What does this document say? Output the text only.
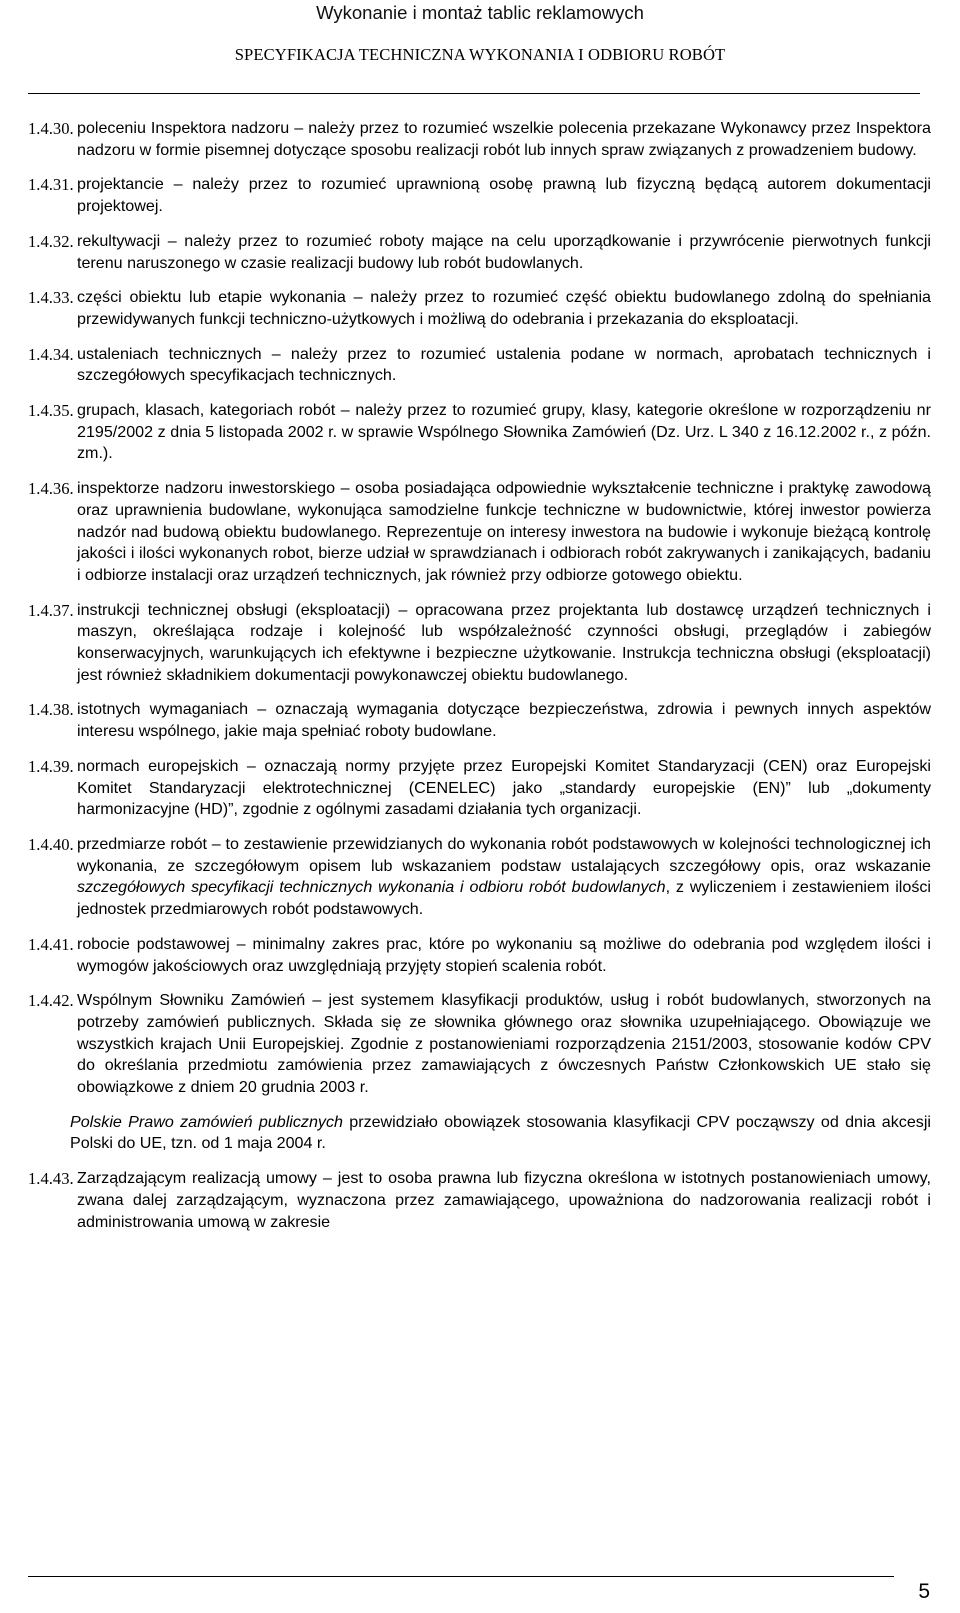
Wykonanie i montaż tablic reklamowych
SPECYFIKACJA TECHNICZNA WYKONANIA I ODBIORU ROBÓT
1.4.30. poleceniu Inspektora nadzoru – należy przez to rozumieć wszelkie polecenia przekazane Wykonawcy przez Inspektora nadzoru w formie pisemnej dotyczące sposobu realizacji robót lub innych spraw związanych z prowadzeniem budowy.
1.4.31. projektancie – należy przez to rozumieć uprawnioną osobę prawną lub fizyczną będącą autorem dokumentacji projektowej.
1.4.32. rekultywacji – należy przez to rozumieć roboty mające na celu uporządkowanie i przywrócenie pierwotnych funkcji terenu naruszonego w czasie realizacji budowy lub robót budowlanych.
1.4.33. części obiektu lub etapie wykonania – należy przez to rozumieć część obiektu budowlanego zdolną do spełniania przewidywanych funkcji techniczno-użytkowych i możliwą do odebrania i przekazania do eksploatacji.
1.4.34. ustaleniach technicznych – należy przez to rozumieć ustalenia podane w normach, aprobatach technicznych i szczegółowych specyfikacjach technicznych.
1.4.35. grupach, klasach, kategoriach robót – należy przez to rozumieć grupy, klasy, kategorie określone w rozporządzeniu nr 2195/2002 z dnia 5 listopada 2002 r. w sprawie Wspólnego Słownika Zamówień (Dz. Urz. L 340 z 16.12.2002 r., z późn. zm.).
1.4.36. inspektorze nadzoru inwestorskiego – osoba posiadająca odpowiednie wykształcenie techniczne i praktykę zawodową oraz uprawnienia budowlane, wykonująca samodzielne funkcje techniczne w budownictwie, której inwestor powierza nadzór nad budową obiektu budowlanego. Reprezentuje on interesy inwestora na budowie i wykonuje bieżącą kontrolę jakości i ilości wykonanych robot, bierze udział w sprawdzianach i odbiorach robót zakrywanych i zanikających, badaniu i odbiorze instalacji oraz urządzeń technicznych, jak również przy odbiorze gotowego obiektu.
1.4.37. instrukcji technicznej obsługi (eksploatacji) – opracowana przez projektanta lub dostawcę urządzeń technicznych i maszyn, określająca rodzaje i kolejność lub współzależność czynności obsługi, przeglądów i zabiegów konserwacyjnych, warunkujących ich efektywne i bezpieczne użytkowanie. Instrukcja techniczna obsługi (eksploatacji) jest również składnikiem dokumentacji powykonawczej obiektu budowlanego.
1.4.38. istotnych wymaganiach – oznaczają wymagania dotyczące bezpieczeństwa, zdrowia i pewnych innych aspektów interesu wspólnego, jakie maja spełniać roboty budowlane.
1.4.39. normach europejskich – oznaczają normy przyjęte przez Europejski Komitet Standaryzacji (CEN) oraz Europejski Komitet Standaryzacji elektrotechnicznej (CENELEC) jako „standardy europejskie (EN)” lub „dokumenty harmonizacyjne (HD)”, zgodnie z ogólnymi zasadami działania tych organizacji.
1.4.40. przedmiarze robót – to zestawienie przewidzianych do wykonania robót podstawowych w kolejności technologicznej ich wykonania, ze szczegółowym opisem lub wskazaniem podstaw ustalających szczegółowy opis, oraz wskazanie szczegółowych specyfikacji technicznych wykonania i odbioru robót budowlanych, z wyliczeniem i zestawieniem ilości jednostek przedmiarowych robót podstawowych.
1.4.41. robocie podstawowej – minimalny zakres prac, które po wykonaniu są możliwe do odebrania pod względem ilości i wymogów jakościowych oraz uwzględniają przyjęty stopień scalenia robót.
1.4.42. Wspólnym Słowniku Zamówień – jest systemem klasyfikacji produktów, usług i robót budowlanych, stworzonych na potrzeby zamówień publicznych. Składa się ze słownika głównego oraz słownika uzupełniającego. Obowiązuje we wszystkich krajach Unii Europejskiej. Zgodnie z postanowieniami rozporządzenia 2151/2003, stosowanie kodów CPV do określania przedmiotu zamówienia przez zamawiających z ówczesnych Państw Członkowskich UE stało się obowiązkowe z dniem 20 grudnia 2003 r.
Polskie Prawo zamówień publicznych przewidziało obowiązek stosowania klasyfikacji CPV począwszy od dnia akcesji Polski do UE, tzn. od 1 maja 2004 r.
1.4.43. Zarządzającym realizacją umowy – jest to osoba prawna lub fizyczna określona w istotnych postanowieniach umowy, zwana dalej zarządzającym, wyznaczona przez zamawiającego, upoważniona do nadzorowania realizacji robót i administrowania umową w zakresie
5
